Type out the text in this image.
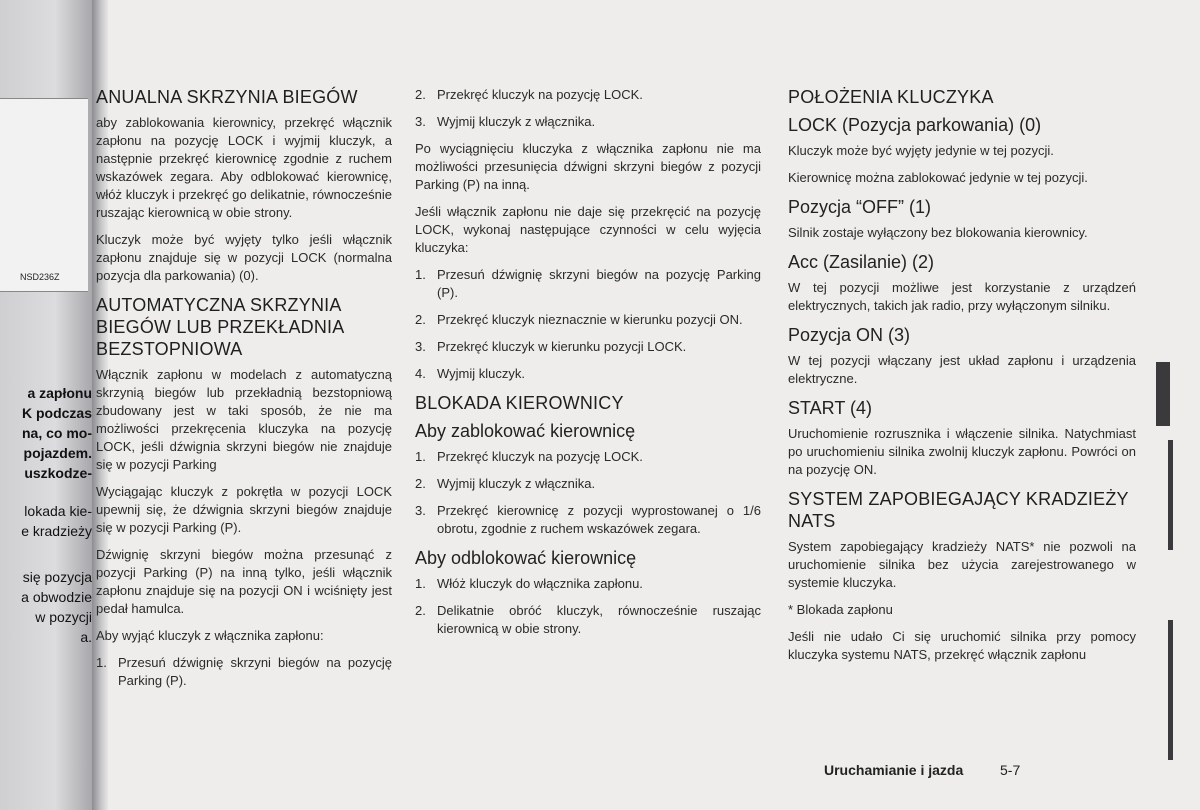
NSD236Z
a zapłonu
K podczas
na, co mo-
pojazdem.
uszkodze-
lokada kie-
e kradzieży
się pozycja
a obwodzie
w pozycji
a.
ANUALNA SKRZYNIA BIEGÓW
aby zablokowania kierownicy, przekręć włącznik zapłonu na pozycję LOCK i wyjmij kluczyk, a następnie przekręć kierownicę zgodnie z ruchem wskazówek zegara. Aby odblokować kierownicę, włóż kluczyk i przekręć go delikatnie, równocześnie ruszając kierownicą w obie strony.
Kluczyk może być wyjęty tylko jeśli włącznik zapłonu znajduje się w pozycji LOCK (normalna pozycja dla parkowania) (0).
AUTOMATYCZNA SKRZYNIA BIEGÓW LUB PRZEKŁADNIA BEZSTOPNIOWA
Włącznik zapłonu w modelach z automatyczną skrzynią biegów lub przekładnią bezstopniową zbudowany jest w taki sposób, że nie ma możliwości przekręcenia kluczyka na pozycję LOCK, jeśli dźwignia skrzyni biegów nie znajduje się w pozycji Parking
Wyciągając kluczyk z pokrętła w pozycji LOCK upewnij się, że dźwignia skrzyni biegów znajduje się w pozycji Parking (P).
Dźwignię skrzyni biegów można przesunąć z pozycji Parking (P) na inną tylko, jeśli włącznik zapłonu znajduje się na pozycji ON i wciśnięty jest pedał hamulca.
Aby wyjąć kluczyk z włącznika zapłonu:
1. Przesuń dźwignię skrzyni biegów na pozycję Parking (P).
2. Przekręć kluczyk na pozycję LOCK.
3. Wyjmij kluczyk z włącznika.
Po wyciągnięciu kluczyka z włącznika zapłonu nie ma możliwości przesunięcia dźwigni skrzyni biegów z pozycji Parking (P) na inną.
Jeśli włącznik zapłonu nie daje się przekręcić na pozycję LOCK, wykonaj następujące czynności w celu wyjęcia kluczyka:
1. Przesuń dźwignię skrzyni biegów na pozycję Parking (P).
2. Przekręć kluczyk nieznacznie w kierunku pozycji ON.
3. Przekręć kluczyk w kierunku pozycji LOCK.
4. Wyjmij kluczyk.
BLOKADA KIEROWNICY
Aby zablokować kierownicę
1. Przekręć kluczyk na pozycję LOCK.
2. Wyjmij kluczyk z włącznika.
3. Przekręć kierownicę z pozycji wyprostowanej o 1/6 obrotu, zgodnie z ruchem wskazówek zegara.
Aby odblokować kierownicę
1. Włóż kluczyk do włącznika zapłonu.
2. Delikatnie obróć kluczyk, równocześnie ruszając kierownicą w obie strony.
POŁOŻENIA KLUCZYKA
LOCK (Pozycja parkowania) (0)
Kluczyk może być wyjęty jedynie w tej pozycji.
Kierownicę można zablokować jedynie w tej pozycji.
Pozycja “OFF” (1)
Silnik zostaje wyłączony bez blokowania kierownicy.
Acc (Zasilanie) (2)
W tej pozycji możliwe jest korzystanie z urządzeń elektrycznych, takich jak radio, przy wyłączonym silniku.
Pozycja ON (3)
W tej pozycji włączany jest układ zapłonu i urządzenia elektryczne.
START (4)
Uruchomienie rozrusznika i włączenie silnika. Natychmiast po uruchomieniu silnika zwolnij kluczyk zapłonu. Powróci on na pozycję ON.
SYSTEM ZAPOBIEGAJĄCY KRADZIEŻY NATS
System zapobiegający kradzieży NATS* nie pozwoli na uruchomienie silnika bez użycia zarejestrowanego w systemie kluczyka.
* Blokada zapłonu
Jeśli nie udało Ci się uruchomić silnika przy pomocy kluczyka systemu NATS, przekręć włącznik zapłonu
Uruchamianie i jazda	5-7
